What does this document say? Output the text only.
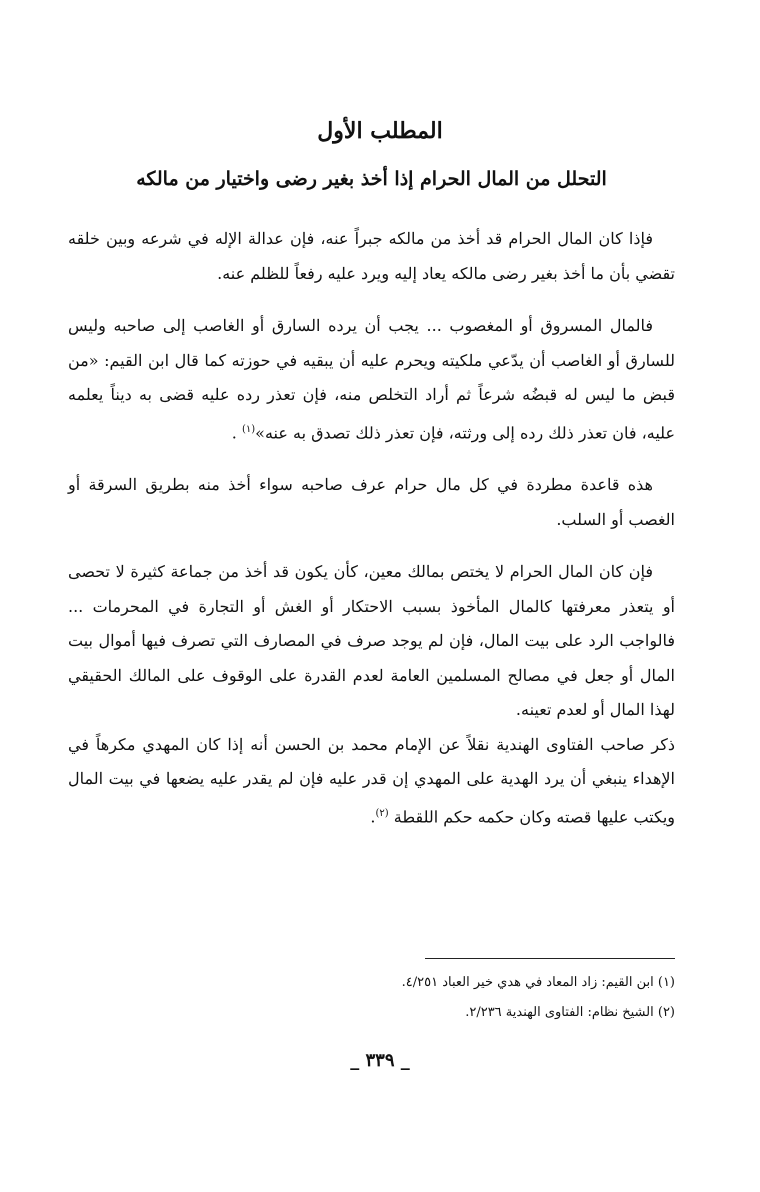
المطلب الأول
التحلل من المال الحرام إذا أخذ بغير رضى واختيار من مالكه

فإذا كان المال الحرام قد أخذ من مالكه جبراً عنه، فإن عدالة الإله في شرعه وبين خلقه تقضي بأن ما أخذ بغير رضى مالكه يعاد إليه ويرد عليه رفعاً للظلم عنه.

فالمال المسروق أو المغصوب ... يجب أن يرده السارق أو الغاصب إلى صاحبه وليس للسارق أو الغاصب أن يدّعي ملكيته ويحرم عليه أن يبقيه في حوزته كما قال ابن القيم: «من قبض ما ليس له قبضُه شرعاً ثم أراد التخلص منه، فإن تعذر رده عليه قضى به ديناً يعلمه عليه، فان تعذر ذلك رده إلى ورثته، فإن تعذر ذلك تصدق به عنه»$^{(١)}$ .

هذه قاعدة مطردة في كل مال حرام عرف صاحبه سواء أخذ منه بطريق السرقة أو الغصب أو السلب.

فإن كان المال الحرام لا يختص بمالك معين، كأن يكون قد أخذ من جماعة كثيرة لا تحصى أو يتعذر معرفتها كالمال المأخوذ بسبب الاحتكار أو الغش أو التجارة في المحرمات ... فالواجب الرد على بيت المال، فإن لم يوجد صرف في المصارف التي تصرف فيها أموال بيت المال أو جعل في مصالح المسلمين العامة لعدم القدرة على الوقوف على المالك الحقيقي لهذا المال أو لعدم تعينه.

ذكر صاحب الفتاوى الهندية نقلاً عن الإمام محمد بن الحسن أنه إذا كان المهدي مكرهاً في الإهداء ينبغي أن يرد الهدية على المهدي إن قدر عليه فإن لم يقدر عليه يضعها في بيت المال ويكتب عليها قصته وكان حكمه حكم اللقطة $^{(٢)}$.

(١) ابن القيم: زاد المعاد في هدي خير العباد ٤/٢٥١.

(٢) الشيخ نظام: الفتاوى الهندية ٢/٢٣٦.

_ ٣٣٩ _
